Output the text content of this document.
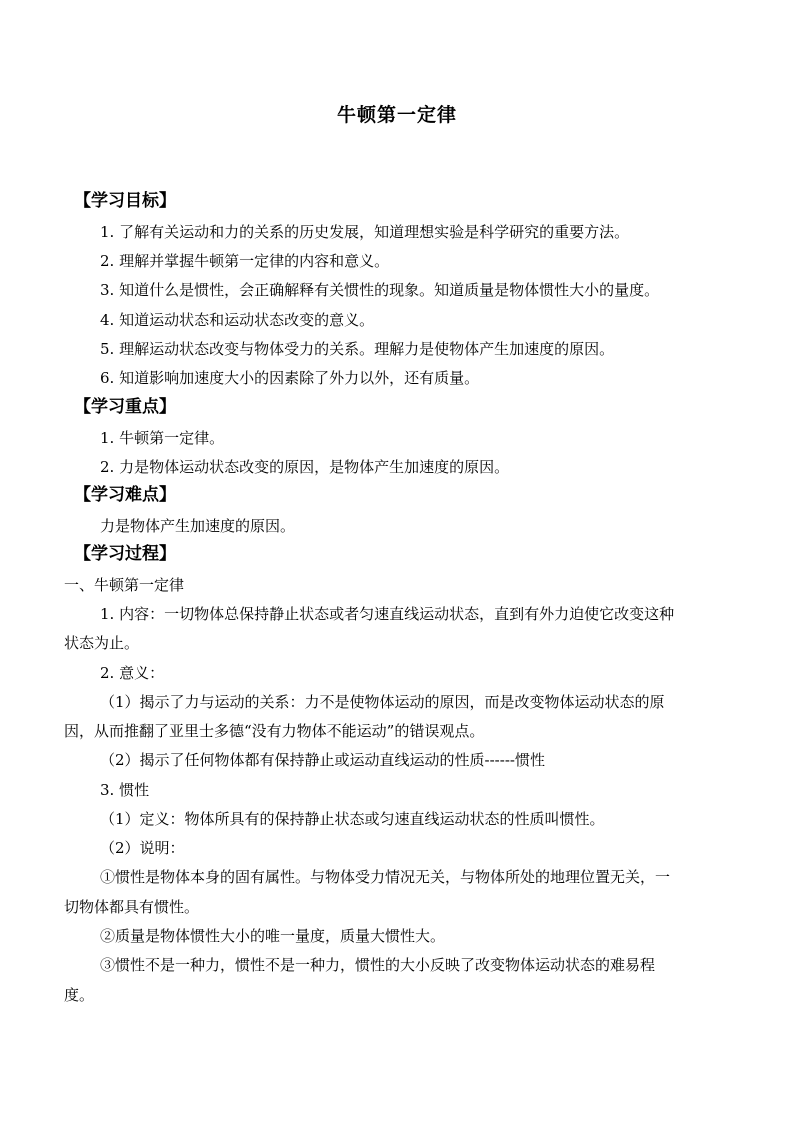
牛顿第一定律
【学习目标】
1. 了解有关运动和力的关系的历史发展，知道理想实验是科学研究的重要方法。
2. 理解并掌握牛顿第一定律的内容和意义。
3. 知道什么是惯性，会正确解释有关惯性的现象。知道质量是物体惯性大小的量度。
4. 知道运动状态和运动状态改变的意义。
5. 理解运动状态改变与物体受力的关系。理解力是使物体产生加速度的原因。
6. 知道影响加速度大小的因素除了外力以外，还有质量。
【学习重点】
1. 牛顿第一定律。
2. 力是物体运动状态改变的原因，是物体产生加速度的原因。
【学习难点】
力是物体产生加速度的原因。
【学习过程】
一、牛顿第一定律
1. 内容：一切物体总保持静止状态或者匀速直线运动状态，直到有外力迫使它改变这种
状态为止。
2. 意义：
（1）揭示了力与运动的关系：力不是使物体运动的原因，而是改变物体运动状态的原
因，从而推翻了亚里士多德“没有力物体不能运动”的错误观点。
（2）揭示了任何物体都有保持静止或运动直线运动的性质------惯性
3. 惯性
（1）定义：物体所具有的保持静止状态或匀速直线运动状态的性质叫惯性。
（2）说明：
①惯性是物体本身的固有属性。与物体受力情况无关，与物体所处的地理位置无关，一
切物体都具有惯性。
②质量是物体惯性大小的唯一量度，质量大惯性大。
③惯性不是一种力，惯性不是一种力，惯性的大小反映了改变物体运动状态的难易程
度。
